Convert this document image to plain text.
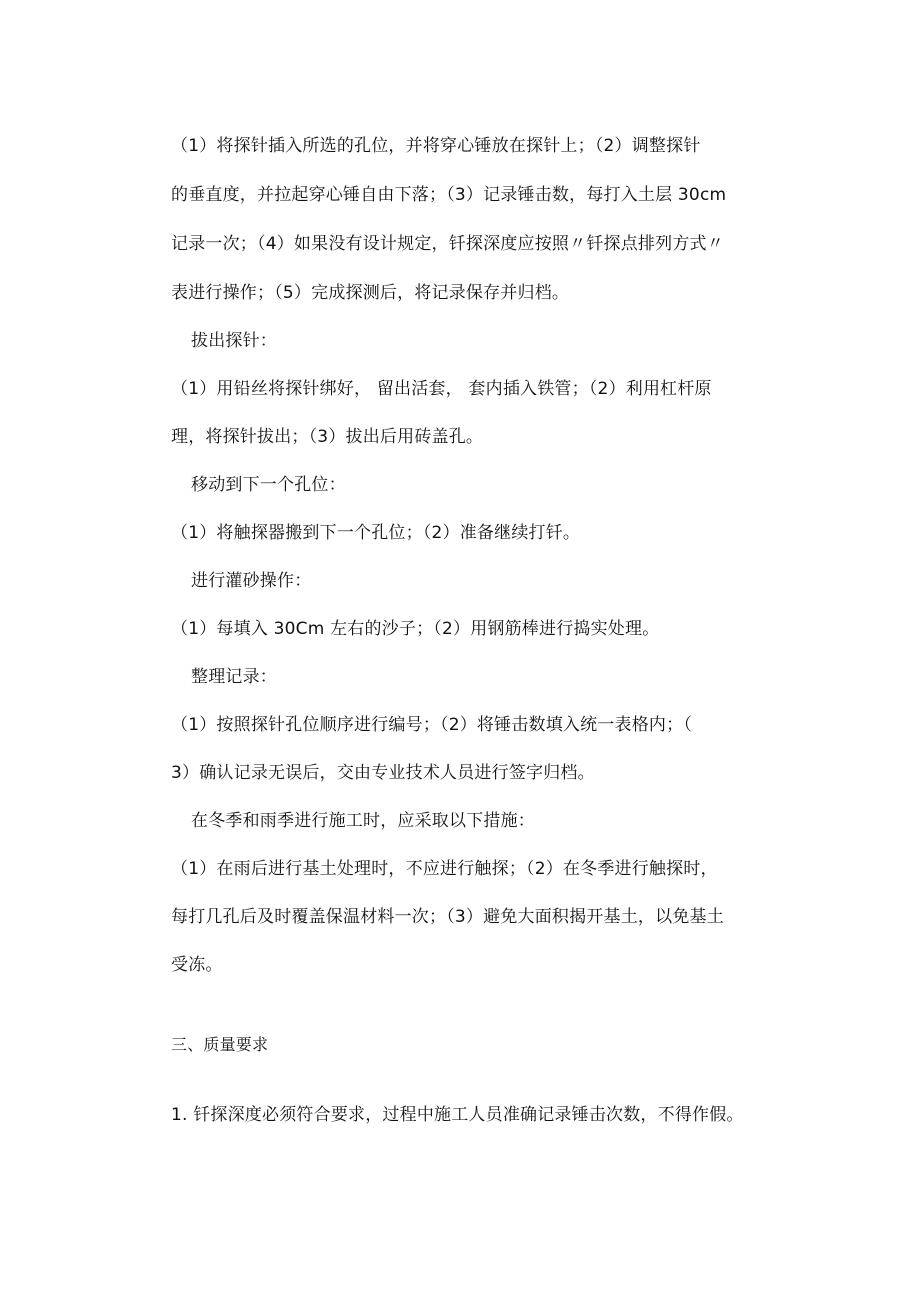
（1）将探针插入所选的孔位，并将穿心锤放在探针上；（2）调整探针
的垂直度，并拉起穿心锤自由下落；（3）记录锤击数，每打入土层 30cm
记录一次；（4）如果没有设计规定，钎探深度应按照〃钎探点排列方式〃
表进行操作；（5）完成探测后，将记录保存并归档。
拔出探针：
（1）用铅丝将探针绑好， 留出活套， 套内插入铁管；（2）利用杠杆原
理，将探针拔出；（3）拔出后用砖盖孔。
移动到下一个孔位：
（1）将触探器搬到下一个孔位；（2）准备继续打钎。
进行灌砂操作：
（1）每填入 30Cm 左右的沙子；（2）用钢筋棒进行捣实处理。
整理记录：
（1）按照探针孔位顺序进行编号；（2）将锤击数填入统一表格内；（
3）确认记录无误后，交由专业技术人员进行签字归档。
在冬季和雨季进行施工时，应采取以下措施：
（1）在雨后进行基土处理时，不应进行触探；（2）在冬季进行触探时，
每打几孔后及时覆盖保温材料一次；（3）避免大面积揭开基土，以免基土
受冻。
三、质量要求
1. 钎探深度必须符合要求，过程中施工人员准确记录锤击次数，不得作假。
